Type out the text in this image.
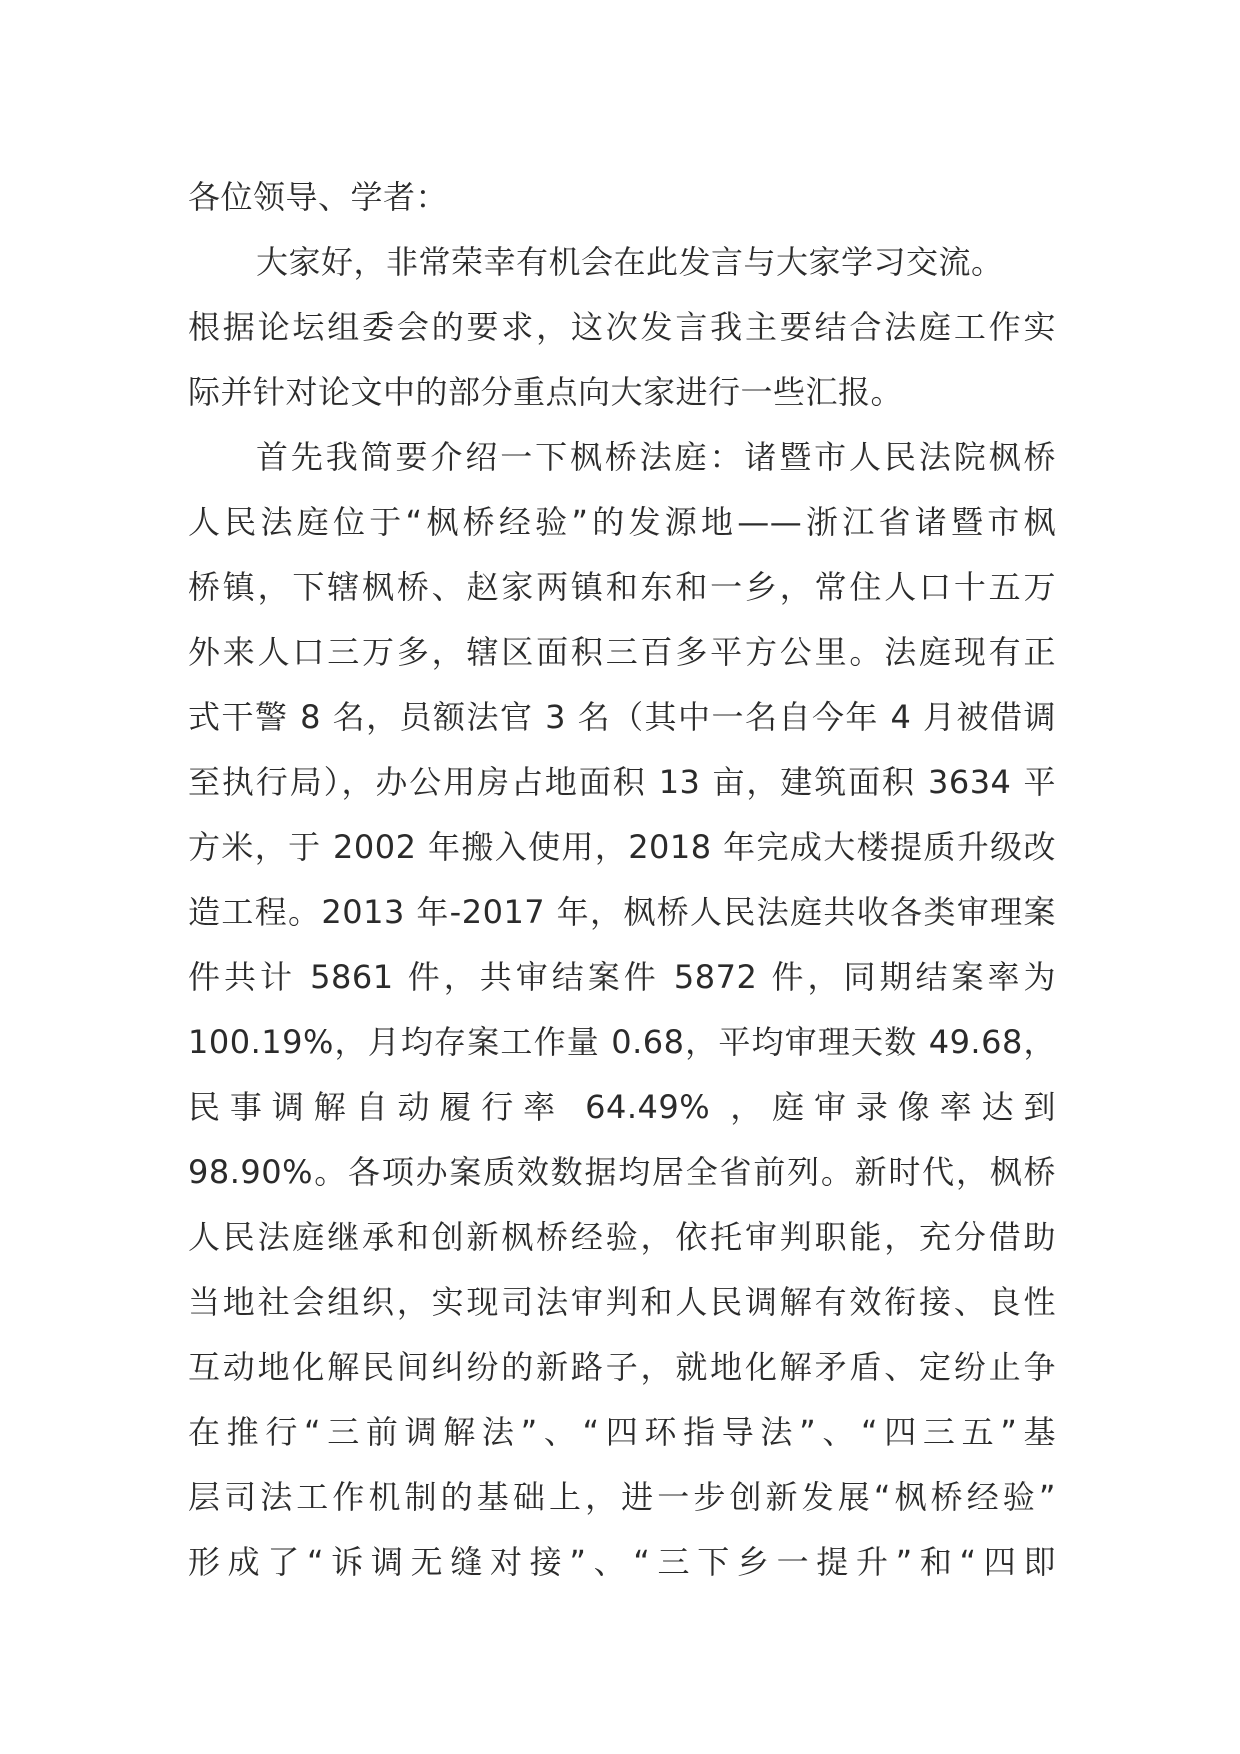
各位领导、学者：
大家好，非常荣幸有机会在此发言与大家学习交流。
根据论坛组委会的要求，这次发言我主要结合法庭工作实
际并针对论文中的部分重点向大家进行一些汇报。
首先我简要介绍一下枫桥法庭：诸暨市人民法院枫桥
人民法庭位于“枫桥经验”的发源地——浙江省诸暨市枫
桥镇，下辖枫桥、赵家两镇和东和一乡，常住人口十五万
外来人口三万多，辖区面积三百多平方公里。法庭现有正
式干警 8 名，员额法官 3 名（其中一名自今年 4 月被借调
至执行局），办公用房占地面积 13 亩，建筑面积 3634 平
方米，于 2002 年搬入使用，2018 年完成大楼提质升级改
造工程。2013 年-2017 年，枫桥人民法庭共收各类审理案
件共计 5861 件，共审结案件 5872 件，同期结案率为
100.19%，月均存案工作量 0.68，平均审理天数 49.68，
民事调解自动履行率 64.49% ，庭审录像率达到
98.90%。各项办案质效数据均居全省前列。新时代，枫桥
人民法庭继承和创新枫桥经验，依托审判职能，充分借助
当地社会组织，实现司法审判和人民调解有效衔接、良性
互动地化解民间纠纷的新路子，就地化解矛盾、定纷止争
在推行“三前调解法”、“四环指导法”、“四三五”基
层司法工作机制的基础上，进一步创新发展“枫桥经验”
形成了“诉调无缝对接”、“三下乡一提升”和“四即
